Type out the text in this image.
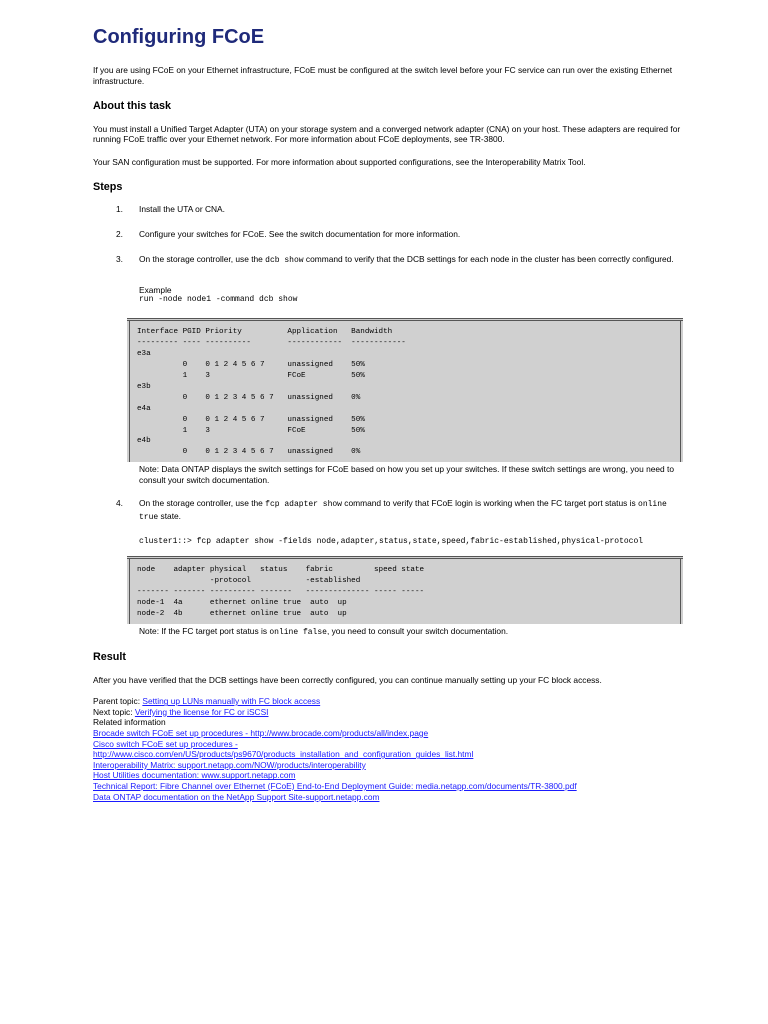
Configuring FCoE

If you are using FCoE on your Ethernet infrastructure, FCoE must be configured at the switch level before your FC service can run over the existing Ethernet infrastructure.

About this task

You must install a Unified Target Adapter (UTA) on your storage system and a converged network adapter (CNA) on your host. These adapters are required for running FCoE traffic over your Ethernet network. For more information about FCoE deployments, see TR-3800.

Your SAN configuration must be supported. For more information about supported configurations, see the Interoperability Matrix Tool.

Steps
1. Install the UTA or CNA.
2. Configure your switches for FCoE. See the switch documentation for more information.
3. On the storage controller, use the dcb show command to verify that the DCB settings for each node in the cluster has been correctly configured.
Example
run -node node1 -command dcb show
Interface PGID Priority          Application   Bandwidth
--------- ---- ----------        ------------  ------------
e3a
0    0 1 2 4 5 6 7     unassigned    50%
1    3                 FCoE          50%
e3b
0    0 1 2 3 4 5 6 7   unassigned    0%
e4a
0    0 1 2 4 5 6 7     unassigned    50%
1    3                 FCoE          50%
e4b
0    0 1 2 3 4 5 6 7   unassigned    0%
Note: Data ONTAP displays the switch settings for FCoE based on how you set up your switches. If these switch settings are wrong, you need to consult your switch documentation.
4. On the storage controller, use the fcp adapter show command to verify that FCoE login is working when the FC target port status is online true state.
cluster1::> fcp adapter show -fields node,adapter,status,state,speed,fabric-established,physical-protocol
node    adapter physical   status    fabric         speed state
-protocol            -established
------- ------- ---------- -------   -------------- ----- -----
node-1  4a      ethernet online true  auto  up
node-2  4b      ethernet online true  auto  up
Note: If the FC target port status is online false, you need to consult your switch documentation.
Result

After you have verified that the DCB settings have been correctly configured, you can continue manually setting up your FC block access.

Parent topic: Setting up LUNs manually with FC block access
Next topic: Verifying the license for FC or iSCSI
Related information
Brocade switch FCoE set up procedures - http://www.brocade.com/products/all/index.page
Cisco switch FCoE set up procedures -
http://www.cisco.com/en/US/products/ps9670/products_installation_and_configuration_guides_list.html
Interoperability Matrix: support.netapp.com/NOW/products/interoperability
Host Utilities documentation: www.support.netapp.com
Technical Report: Fibre Channel over Ethernet (FCoE) End-to-End Deployment Guide: media.netapp.com/documents/TR-3800.pdf
Data ONTAP documentation on the NetApp Support Site-support.netapp.com
